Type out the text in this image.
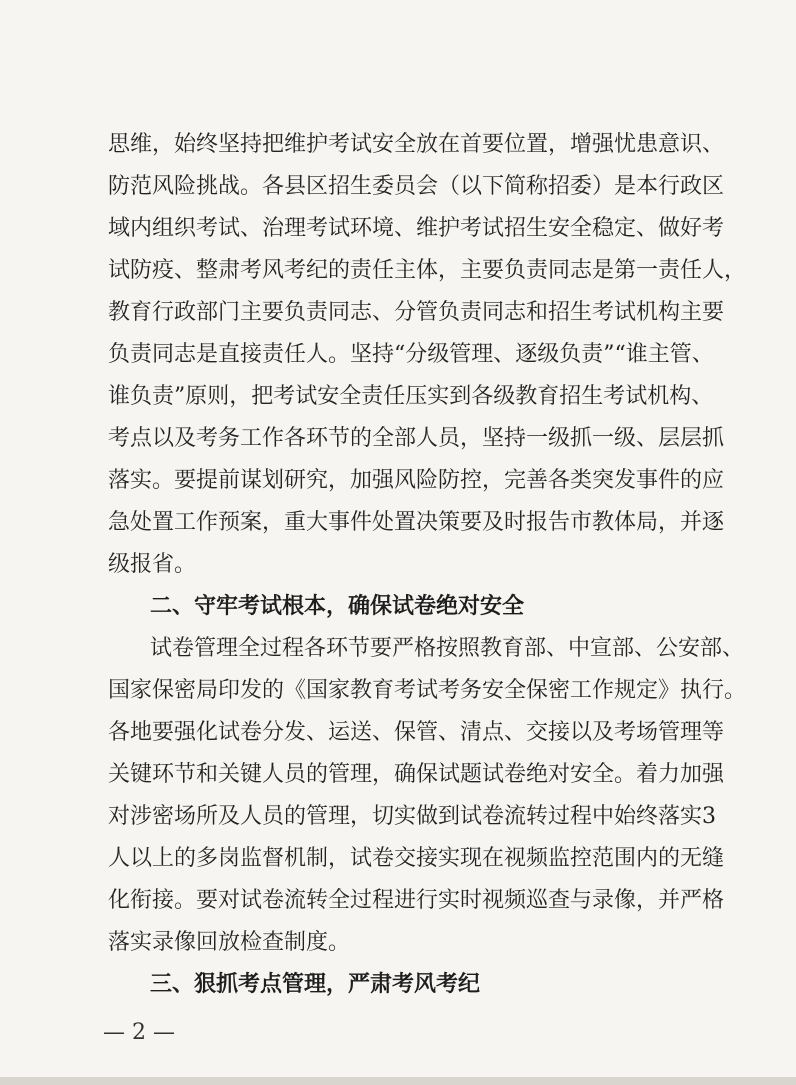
思维，始终坚持把维护考试安全放在首要位置，增强忧患意识、
防范风险挑战。各县区招生委员会（以下简称招委）是本行政区
域内组织考试、治理考试环境、维护考试招生安全稳定、做好考
试防疫、整肃考风考纪的责任主体，主要负责同志是第一责任人，
教育行政部门主要负责同志、分管负责同志和招生考试机构主要
负责同志是直接责任人。坚持“分级管理、逐级负责”“谁主管、
谁负责”原则，把考试安全责任压实到各级教育招生考试机构、
考点以及考务工作各环节的全部人员，坚持一级抓一级、层层抓
落实。要提前谋划研究，加强风险防控，完善各类突发事件的应
急处置工作预案，重大事件处置决策要及时报告市教体局，并逐
级报省。
二、守牢考试根本，确保试卷绝对安全
试卷管理全过程各环节要严格按照教育部、中宣部、公安部、
国家保密局印发的《国家教育考试考务安全保密工作规定》执行。
各地要强化试卷分发、运送、保管、清点、交接以及考场管理等
关键环节和关键人员的管理，确保试题试卷绝对安全。着力加强
对涉密场所及人员的管理，切实做到试卷流转过程中始终落实3
人以上的多岗监督机制，试卷交接实现在视频监控范围内的无缝
化衔接。要对试卷流转全过程进行实时视频巡查与录像，并严格
落实录像回放检查制度。
三、狠抓考点管理，严肃考风考纪
— 2 —
